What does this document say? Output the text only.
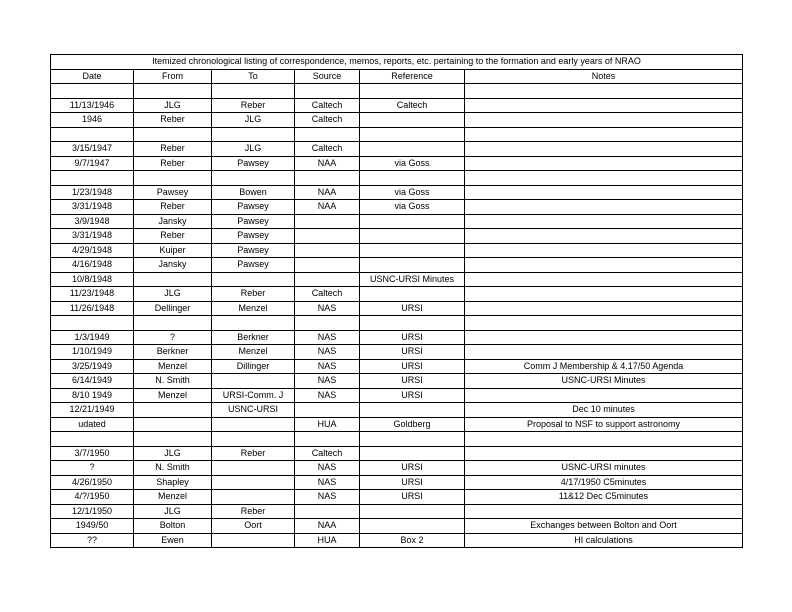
Itemized chronological listing of correspondence, memos, reports, etc. pertaining to the formation and early years of NRAO					
Date	From	To	Source	Reference	Notes

11/13/1946	JLG	Reber	Caltech	Caltech	
1946	Reber	JLG	Caltech		

3/15/1947	Reber	JLG	Caltech		
9/7/1947	Reber	Pawsey	NAA	via Goss	

1/23/1948	Pawsey	Bowen	NAA	via Goss	
3/31/1948	Reber	Pawsey	NAA	via Goss	
3/9/1948	Jansky	Pawsey			
3/31/1948	Reber	Pawsey			
4/29/1948	Kuiper	Pawsey			
4/16/1948	Jansky	Pawsey			
10/8/1948				USNC-URSI Minutes	
11/23/1948	JLG	Reber	Caltech		
11/26/1948	Dellinger	Menzel	NAS	URSI	

1/3/1949	?	Berkner	NAS	URSI	
1/10/1949	Berkner	Menzel	NAS	URSI	
3/25/1949	Menzel	Dillinger	NAS	URSI	Comm J Membership & 4.17/50 Agenda
6/14/1949	N. Smith		NAS	URSI	USNC-URSI Minutes
8/10 1949	Menzel	URSI-Comm. J	NAS	URSI	
12/21/1949		USNC-URSI			Dec 10 minutes
udated			HUA	Goldberg	Proposal to NSF to support astronomy

3/7/1950	JLG	Reber	Caltech		
?	N. Smith		NAS	URSI	USNC-URSI minutes
4/26/1950	Shapley		NAS	URSI	4/17/1950 C5minutes
4/?/1950	Menzel		NAS	URSI	11&12 Dec C5minutes
12/1/1950	JLG	Reber			
1949/50	Bolton	Oort	NAA		Exchanges between Bolton and Oort
??	Ewen		HUA	Box 2	HI calculations
